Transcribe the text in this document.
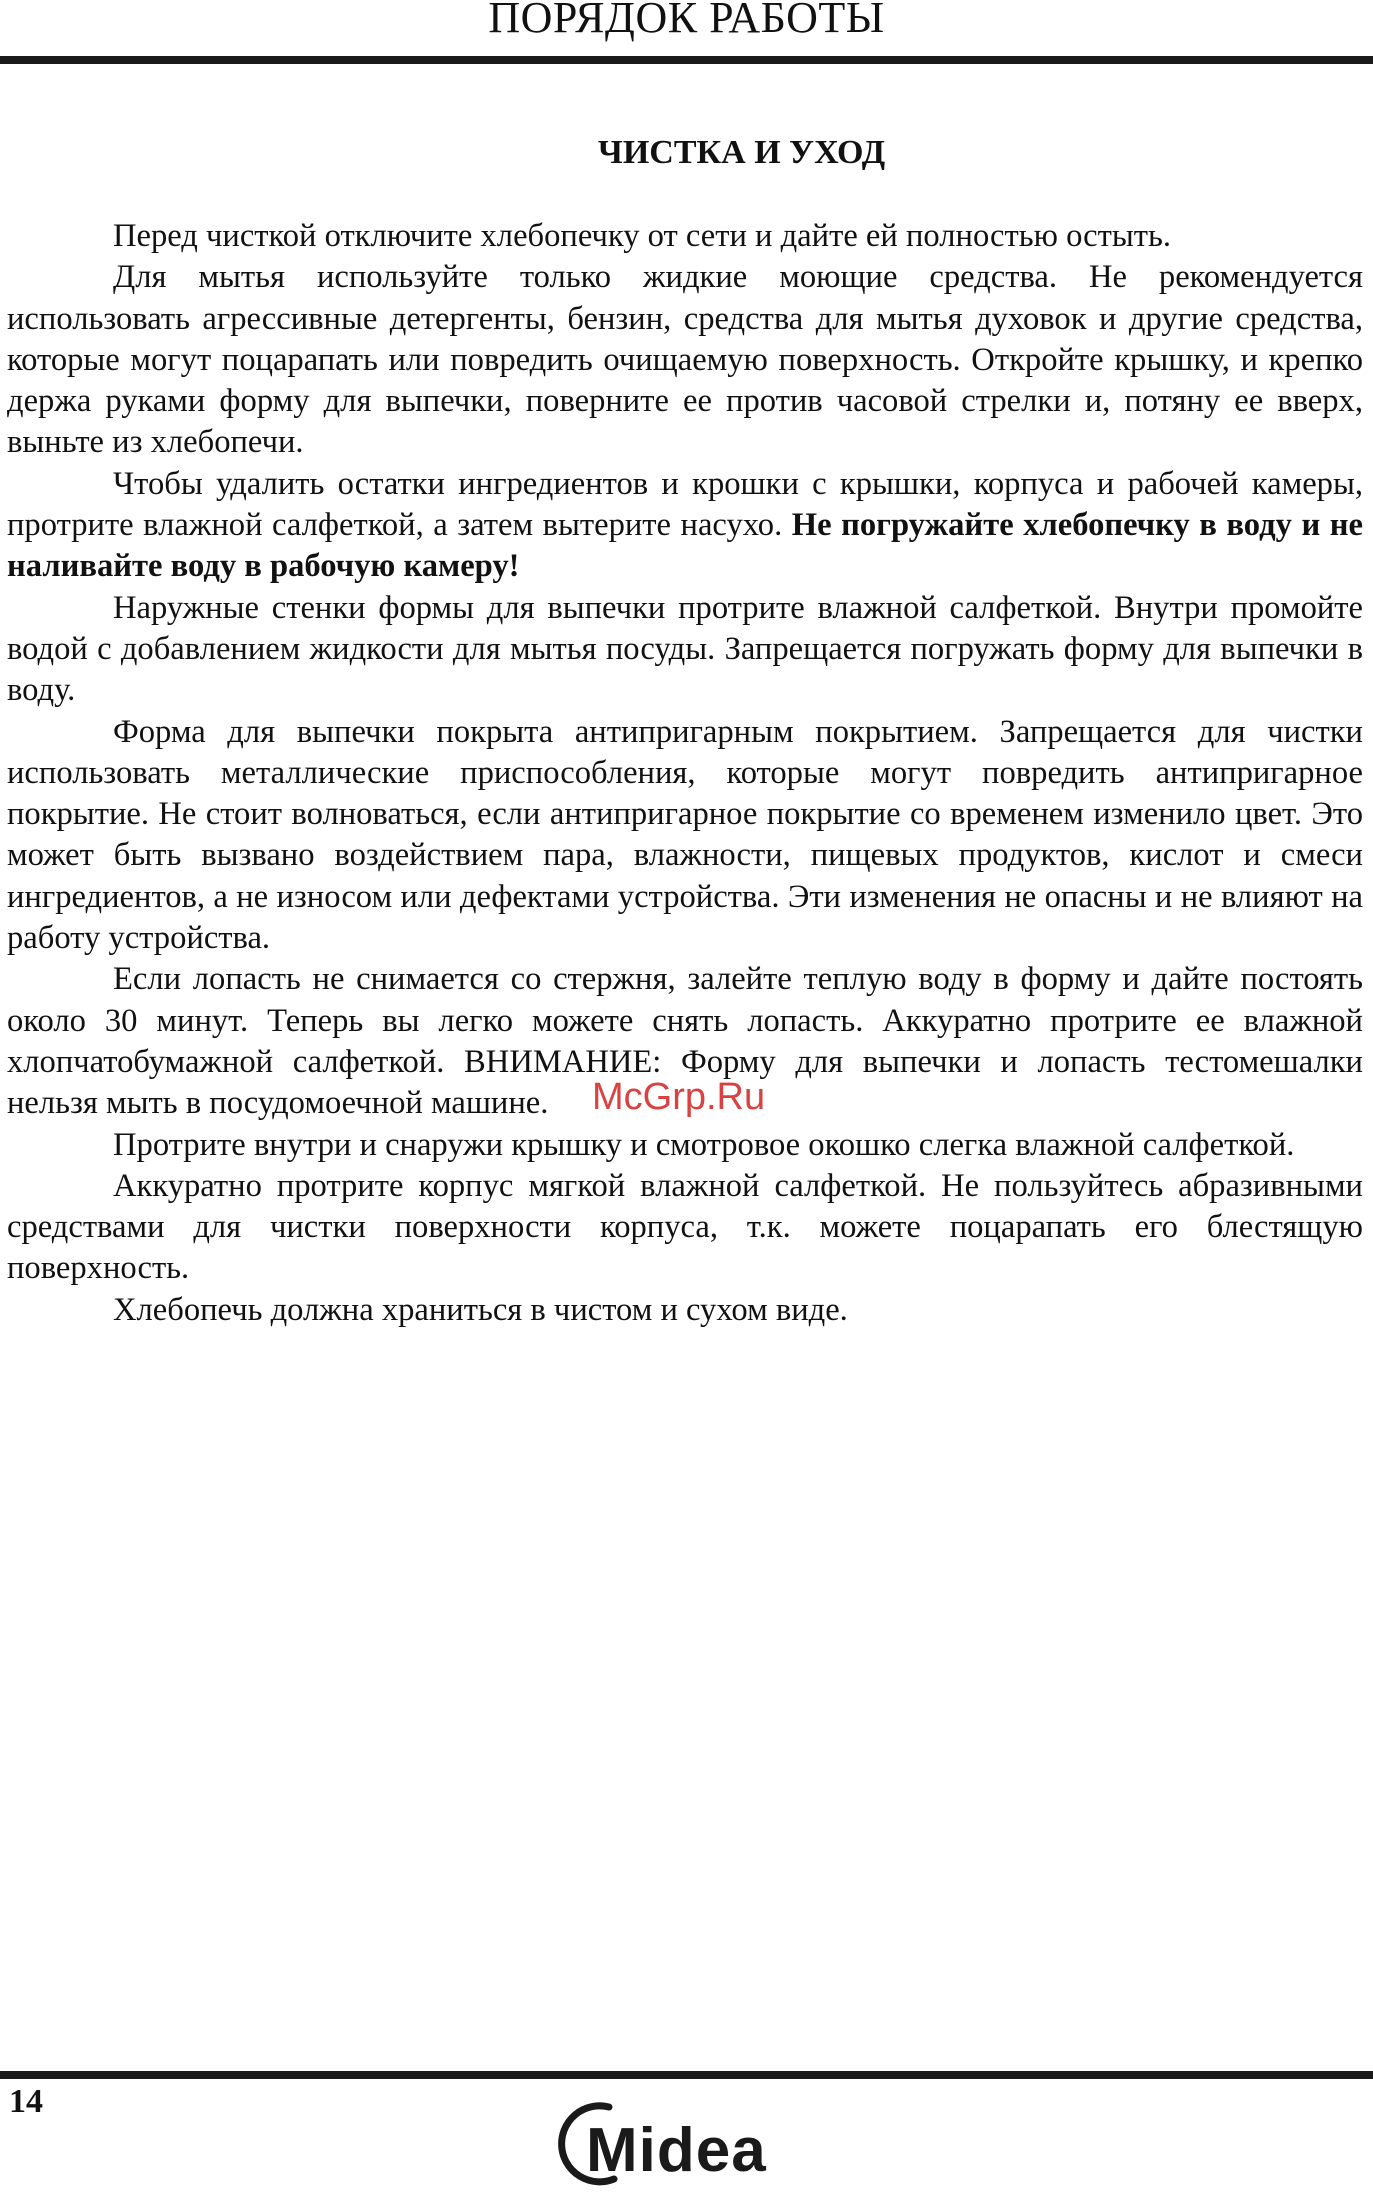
ПОРЯДОК РАБОТЫ
ЧИСТКА И УХОД

Перед чисткой отключите хлебопечку от сети и дайте ей полностью остыть.

Для мытья используйте только жидкие моющие средства. Не рекомендуется использовать агрессивные детергенты, бензин, средства для мытья духовок и другие средства, которые могут поцарапать или повредить очищаемую поверхность. Откройте крышку, и крепко держа руками форму для выпечки, поверните ее против часовой стрелки и, потяну ее вверх, выньте из хлебопечи.

Чтобы удалить остатки ингредиентов и крошки с крышки, корпуса и рабочей камеры, протрите влажной салфеткой, а затем вытерите насухо. Не погружайте хлебопечку в воду и не наливайте воду в рабочую камеру!

Наружные стенки формы для выпечки протрите влажной салфеткой. Внутри промойте водой с добавлением жидкости для мытья посуды. Запрещается погружать форму для выпечки в воду.

Форма для выпечки покрыта антипригарным покрытием. Запрещается для чистки использовать металлические приспособления, которые могут повредить антипригарное покрытие. Не стоит волноваться, если антипригарное покрытие со временем изменило цвет. Это может быть вызвано воздействием пара, влажности, пищевых продуктов, кислот и смеси ингредиентов, а не износом или дефектами устройства. Эти изменения не опасны и не влияют на работу устройства.

Если лопасть не снимается со стержня, залейте теплую воду в форму и дайте постоять около 30 минут. Теперь вы легко можете снять лопасть. Аккуратно протрите ее влажной хлопчатобумажной салфеткой. ВНИМАНИЕ: Форму для выпечки и лопасть тестомешалки нельзя мыть в посудомоечной машине.

Протрите внутри и снаружи крышку и смотровое окошко слегка влажной салфеткой.

Аккуратно протрите корпус мягкой влажной салфеткой. Не пользуйтесь абразивными средствами для чистки поверхности корпуса, т.к. можете поцарапать его блестящую поверхность.

Хлебопечь должна храниться в чистом и сухом виде.

McGrp.Ru
14
Midea
